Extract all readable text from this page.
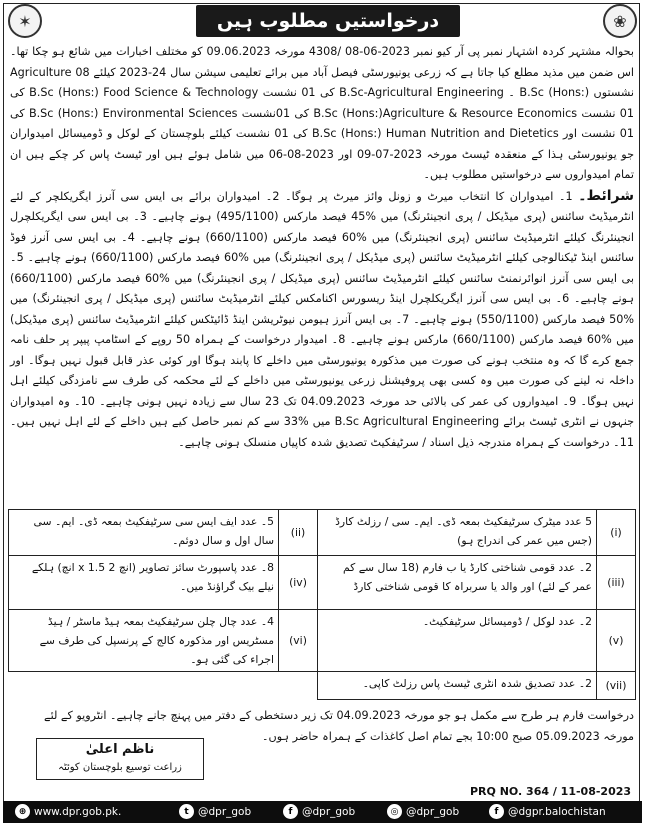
✶	درخواستیں مطلوب ہیں	❀

بحوالہ مشتہر کردہ اشتہار نمبر پی آر کیو نمبر 4308/ 08-06-2023 مورخہ 09.06.2023 کو مختلف اخبارات میں شائع ہو چکا تھا۔ اس ضمن میں مذید مطلع کیا جاتا ہے کہ زرعی یونیورسٹی فیصل آباد میں برائے تعلیمی سیشن سال 2023-24 کیلئے Agriculture 08 نشستوں B.Sc (Hons:) ۔ B.Sc-Agricultural Engineering کی 01 نشست B.Sc (Hons:) Food Science & Technology کی 01 نشست B.Sc (Hons:)Agriculture & Resource Economics کی 01نشست B.Sc (Hons:) Environmental Sciences کی 01 نشست اور B.Sc (Hons:) Human Nutrition and Dietetics کی 01 نشست کیلئے بلوچستان کے لوکل و ڈومیسائل امیدواران جو یونیورسٹی ہذا کے منعقدہ ٹیسٹ مورخہ 09-07-2023 اور 06-08-2023 میں شامل ہوئے ہیں اور ٹیسٹ پاس کر چکے ہیں ان تمام امیدواروں سے درخواستیں مطلوب ہیں۔

شرائط۔ 1۔ امیدواران کا انتخاب میرٹ و زونل وائز میرٹ پر ہوگا۔ 2۔ امیدواران برائے بی ایس سی آنرز ایگریکلچر کے لئے انٹرمیڈیٹ سائنس (پری میڈیکل / پری انجینئرنگ) میں 45% فیصد مارکس (495/1100) ہونے چاہیے۔ 3۔ بی ایس سی ایگریکلچرل انجینئرنگ کیلئے انٹرمیڈیٹ سائنس (پری انجینئرنگ) میں 60% فیصد مارکس (660/1100) ہونے چاہیے۔ 4۔ بی ایس سی آنرز فوڈ سائنس اینڈ ٹیکنالوجی کیلئے انٹرمیڈیٹ سائنس (پری میڈیکل / پری انجینئرنگ) میں 60% فیصد مارکس (660/1100) ہونے چاہیے۔ 5۔ بی ایس سی آنرز انوائرنمنٹ سائنس کیلئے انٹرمیڈیٹ سائنس (پری میڈیکل / پری انجینئرنگ) میں 60% فیصد مارکس (660/1100) ہونے چاہیے۔ 6۔ بی ایس سی آنرز ایگریکلچرل اینڈ ریسورس اکنامکس کیلئے انٹرمیڈیٹ سائنس (پری میڈیکل / پری انجینئرنگ) میں 50% فیصد مارکس (550/1100) ہونے چاہیے۔ 7۔ بی ایس آنرز ہیومن نیوٹریشن اینڈ ڈائیٹکس کیلئے انٹرمیڈیٹ سائنس (پری میڈیکل) میں 60% فیصد مارکس (660/1100) مارکس ہونے چاہیے۔ 8۔ امیدوار درخواست کے ہمراہ 50 روپے کے اسٹامپ پیپر پر حلف نامہ جمع کرے گا کہ وہ منتخب ہونے کی صورت میں مذکورہ یونیورسٹی میں داخلے کا پابند ہوگا اور کوئی عذر قابل قبول نہیں ہوگا۔ اور داخلہ نہ لینے کی صورت میں وہ کسی بھی پروفیشنل زرعی یونیورسٹی میں داخلے کے لئے محکمہ کی طرف سے نامزدگی کیلئے اہل نہیں ہوگا۔ 9۔ امیدواروں کی عمر کی بالائی حد مورخہ 04.09.2023 تک 23 سال سے زیادہ نہیں ہونی چاہیے۔ 10۔ وہ امیدواران جنہوں نے انٹری ٹیسٹ برائے B.Sc Agricultural Engineering میں 33% سے کم نمبر حاصل کیے ہیں داخلے کے لئے اہل نہیں ہیں۔ 11۔ درخواست کے ہمراہ مندرجہ ذیل اسناد / سرٹیفکیٹ تصدیق شدہ کاپیاں منسلک ہونی چاہیے۔

(i)	5 عدد میٹرک سرٹیفکیٹ بمعہ ڈی۔ ایم۔ سی / رزلٹ کارڈ (جس میں عمر کی اندراج ہو)	(ii)	5۔ عدد ایف ایس سی سرٹیفکیٹ بمعہ ڈی۔ ایم۔ سی سال اول و سال دوئم۔
(iii)	2۔ عدد قومی شناختی کارڈ یا ب فارم (18 سال سے کم عمر کے لئے) اور والد یا سربراہ کا قومی شناختی کارڈ	(iv)	8۔ عدد پاسپورٹ سائز تصاویر (انچ 2 x 1.5 انچ) ہلکے نیلے بیک گراؤنڈ میں۔
(v)	2۔ عدد لوکل / ڈومیسائل سرٹیفکیٹ۔	(vi)	4۔ عدد چال چلن سرٹیفکیٹ بمعہ ہیڈ ماسٹر / ہیڈ مسٹریس اور مذکورہ کالج کے پرنسپل کی طرف سے اجراء کی گئی ہو۔
(vii)	2۔ عدد تصدیق شدہ انٹری ٹیسٹ پاس رزلٹ کاپی۔		

درخواست فارم ہر طرح سے مکمل ہو جو مورخہ 04.09.2023 تک زیر دستخطی کے دفتر میں پہنچ جانے چاہیے۔ انٹرویو کے لئے مورخہ 05.09.2023 صبح 10:00 بجے تمام اصل کاغذات کے ہمراہ حاضر ہوں۔

ناظم اعلیٰ
زراعت توسیع بلوچستان کوئٹہ
PRQ NO. 364 / 11-08-2023
⊕ www.dpr.gob.pk.	t @dpr_gob	f @dpr_gob	◎ @dpr_gob	f @dgpr.balochistan
